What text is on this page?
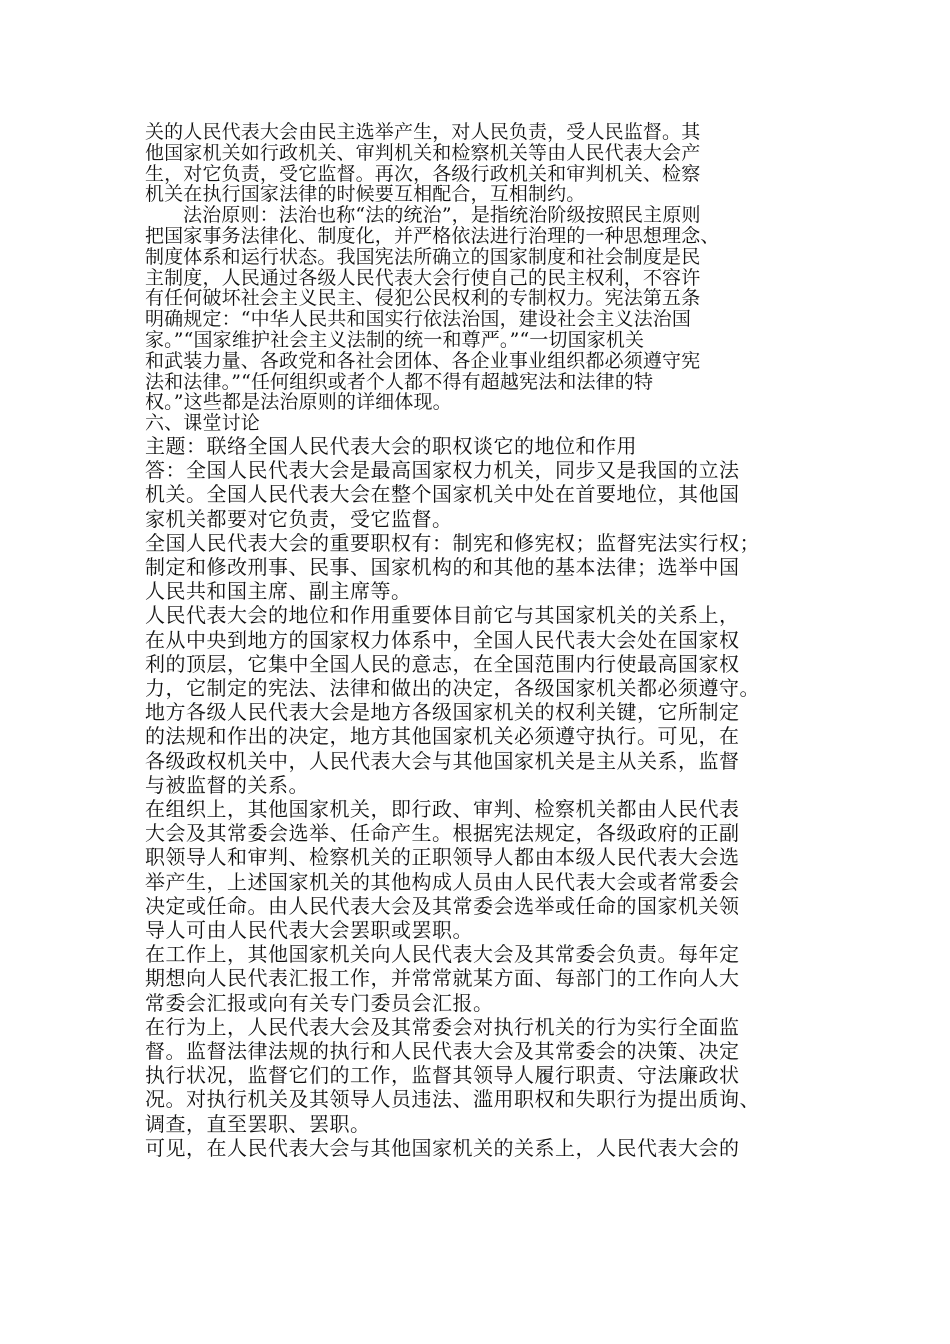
关的人民代表大会由民主选举产生，对人民负责，受人民监督。其

他国家机关如行政机关、审判机关和检察机关等由人民代表大会产

生，对它负责，受它监督。再次，各级行政机关和审判机关、检察

机关在执行国家法律的时候要互相配合，互相制约。

法治原则：法治也称“法的统治”，是指统治阶级按照民主原则

把国家事务法律化、制度化，并严格依法进行治理的一种思想理念、

制度体系和运行状态。我国宪法所确立的国家制度和社会制度是民

主制度，人民通过各级人民代表大会行使自己的民主权利，不容许

有任何破坏社会主义民主、侵犯公民权利的专制权力。宪法第五条

明确规定：“中华人民共和国实行依法治国，建设社会主义法治国

家。”“国家维护社会主义法制的统一和尊严。”“一切国家机关

和武装力量、各政党和各社会团体、各企业事业组织都必须遵守宪

法和法律。”“任何组织或者个人都不得有超越宪法和法律的特

权。”这些都是法治原则的详细体现。

六、课堂讨论

主题：联络全国人民代表大会的职权谈它的地位和作用

答：全国人民代表大会是最高国家权力机关，同步又是我国的立法

机关。全国人民代表大会在整个国家机关中处在首要地位，其他国

家机关都要对它负责，受它监督。

全国人民代表大会的重要职权有：制宪和修宪权；监督宪法实行权；

制定和修改刑事、民事、国家机构的和其他的基本法律；选举中国

人民共和国主席、副主席等。

人民代表大会的地位和作用重要体目前它与其国家机关的关系上，

在从中央到地方的国家权力体系中，全国人民代表大会处在国家权

利的顶层，它集中全国人民的意志，在全国范围内行使最高国家权

力，它制定的宪法、法律和做出的决定，各级国家机关都必须遵守。

地方各级人民代表大会是地方各级国家机关的权利关键，它所制定

的法规和作出的决定，地方其他国家机关必须遵守执行。可见，在

各级政权机关中，人民代表大会与其他国家机关是主从关系，监督

与被监督的关系。

在组织上，其他国家机关，即行政、审判、检察机关都由人民代表

大会及其常委会选举、任命产生。根据宪法规定，各级政府的正副

职领导人和审判、检察机关的正职领导人都由本级人民代表大会选

举产生，上述国家机关的其他构成人员由人民代表大会或者常委会

决定或任命。由人民代表大会及其常委会选举或任命的国家机关领

导人可由人民代表大会罢职或罢职。

在工作上，其他国家机关向人民代表大会及其常委会负责。每年定

期想向人民代表汇报工作，并常常就某方面、每部门的工作向人大

常委会汇报或向有关专门委员会汇报。

在行为上，人民代表大会及其常委会对执行机关的行为实行全面监

督。监督法律法规的执行和人民代表大会及其常委会的决策、决定

执行状况，监督它们的工作，监督其领导人履行职责、守法廉政状

况。对执行机关及其领导人员违法、滥用职权和失职行为提出质询、

调查，直至罢职、罢职。

可见，在人民代表大会与其他国家机关的关系上，人民代表大会的
